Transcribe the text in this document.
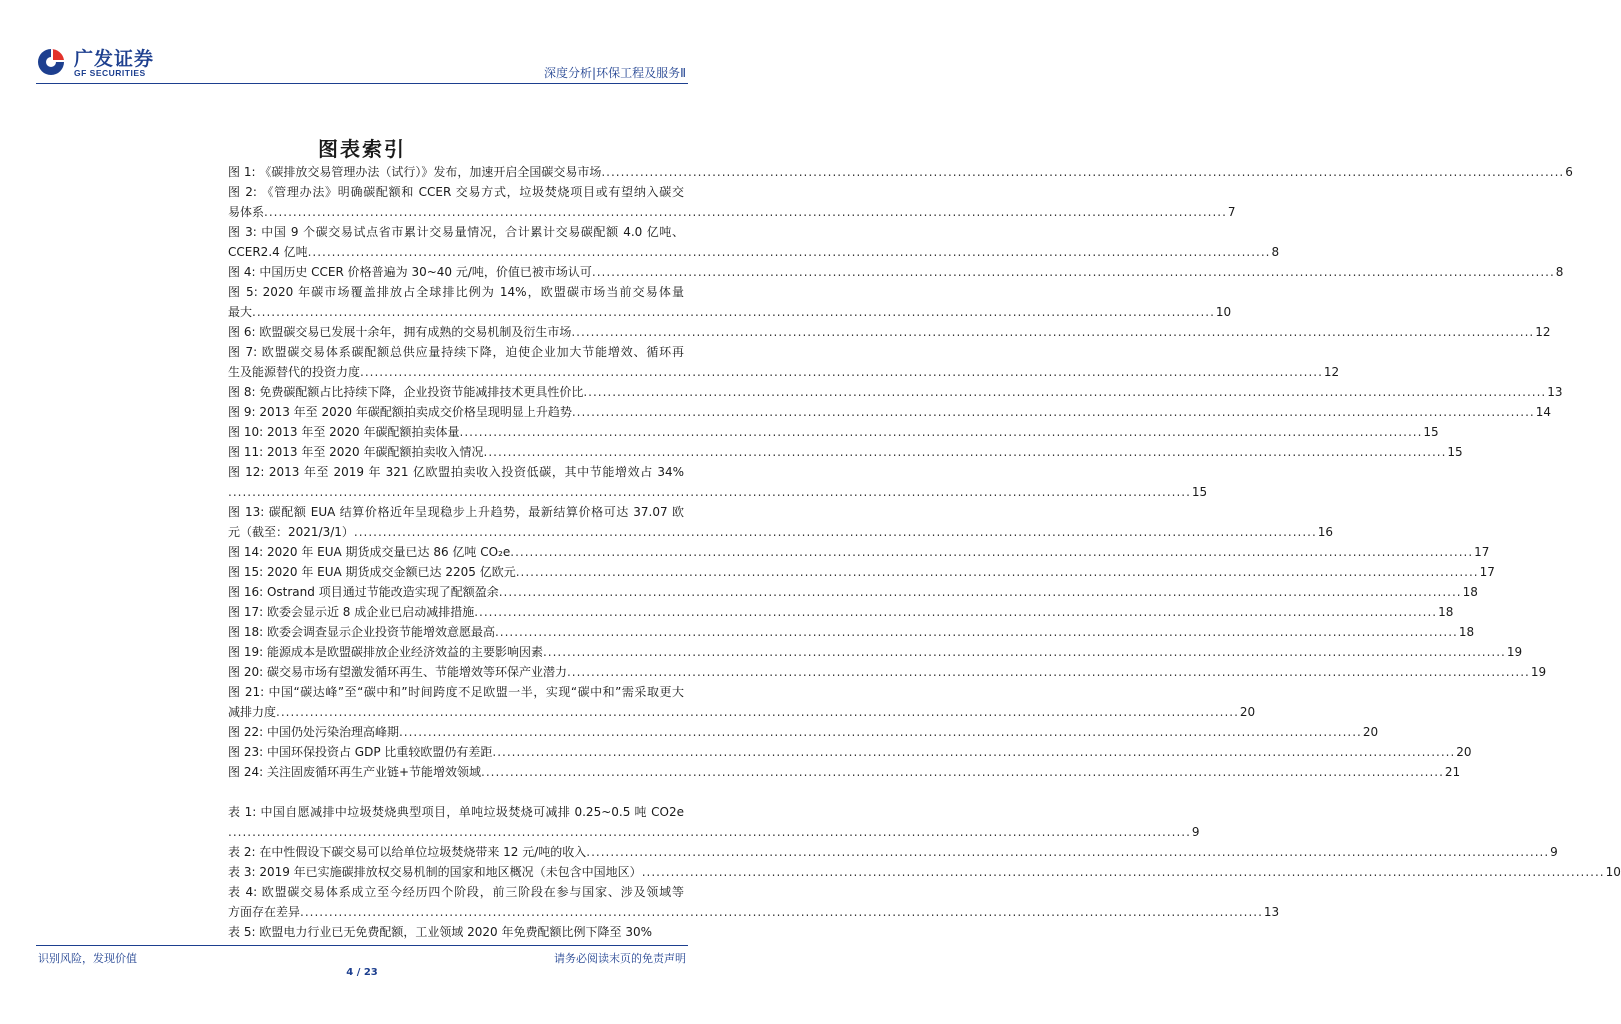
广发证券
GF SECURITIES	深度分析|环保工程及服务Ⅱ
图表索引
图 1: 《碳排放交易管理办法（试行）》发布，加速开启全国碳交易市场 ........................................................................................................................................................................................................ 6
图 2: 《管理办法》明确碳配额和 CCER 交易方式，垃圾焚烧项目或有望纳入碳交
易体系 ........................................................................................................................................................................................................ 7
图 3: 中国 9 个碳交易试点省市累计交易量情况，合计累计交易碳配额 4.0 亿吨、
CCER2.4 亿吨 ........................................................................................................................................................................................................ 8
图 4: 中国历史 CCER 价格普遍为 30~40 元/吨，价值已被市场认可 ........................................................................................................................................................................................................ 8
图 5: 2020 年碳市场覆盖排放占全球排比例为 14%，欧盟碳市场当前交易体量
最大 ........................................................................................................................................................................................................ 10
图 6: 欧盟碳交易已发展十余年，拥有成熟的交易机制及衍生市场 ........................................................................................................................................................................................................ 12
图 7: 欧盟碳交易体系碳配额总供应量持续下降，迫使企业加大节能增效、循环再
生及能源替代的投资力度 ........................................................................................................................................................................................................ 12
图 8: 免费碳配额占比持续下降，企业投资节能减排技术更具性价比 ........................................................................................................................................................................................................ 13
图 9: 2013 年至 2020 年碳配额拍卖成交价格呈现明显上升趋势 ........................................................................................................................................................................................................ 14
图 10: 2013 年至 2020 年碳配额拍卖体量 ........................................................................................................................................................................................................ 15
图 11: 2013 年至 2020 年碳配额拍卖收入情况 ........................................................................................................................................................................................................ 15
图 12: 2013 年至 2019 年 321 亿欧盟拍卖收入投资低碳，其中节能增效占 34%
........................................................................................................................................................................................................ 15
图 13: 碳配额 EUA 结算价格近年呈现稳步上升趋势，最新结算价格可达 37.07 欧
元（截至：2021/3/1） ........................................................................................................................................................................................................ 16
图 14: 2020 年 EUA 期货成交量已达 86 亿吨 CO₂e ........................................................................................................................................................................................................ 17
图 15: 2020 年 EUA 期货成交金额已达 2205 亿欧元 ........................................................................................................................................................................................................ 17
图 16: Ostrand 项目通过节能改造实现了配额盈余 ........................................................................................................................................................................................................ 18
图 17: 欧委会显示近 8 成企业已启动减排措施 ........................................................................................................................................................................................................ 18
图 18: 欧委会调查显示企业投资节能增效意愿最高 ........................................................................................................................................................................................................ 18
图 19: 能源成本是欧盟碳排放企业经济效益的主要影响因素 ........................................................................................................................................................................................................ 19
图 20: 碳交易市场有望激发循环再生、节能增效等环保产业潜力 ........................................................................................................................................................................................................ 19
图 21: 中国“碳达峰”至“碳中和”时间跨度不足欧盟一半，实现“碳中和”需采取更大
减排力度 ........................................................................................................................................................................................................ 20
图 22: 中国仍处污染治理高峰期 ........................................................................................................................................................................................................ 20
图 23: 中国环保投资占 GDP 比重较欧盟仍有差距 ........................................................................................................................................................................................................ 20
图 24: 关注固废循环再生产业链+节能增效领域 ........................................................................................................................................................................................................ 21
表 1: 中国自愿减排中垃圾焚烧典型项目，单吨垃圾焚烧可减排 0.25~0.5 吨 CO2e
........................................................................................................................................................................................................ 9
表 2: 在中性假设下碳交易可以给单位垃圾焚烧带来 12 元/吨的收入 ........................................................................................................................................................................................................ 9
表 3: 2019 年已实施碳排放权交易机制的国家和地区概况（未包含中国地区） ........................................................................................................................................................................................................ 10
表 4: 欧盟碳交易体系成立至今经历四个阶段，前三阶段在参与国家、涉及领域等
方面存在差异 ........................................................................................................................................................................................................ 13
表 5: 欧盟电力行业已无免费配额，工业领域 2020 年免费配额比例下降至 30%
识别风险，发现价值	请务必阅读末页的免责声明
4 / 23
